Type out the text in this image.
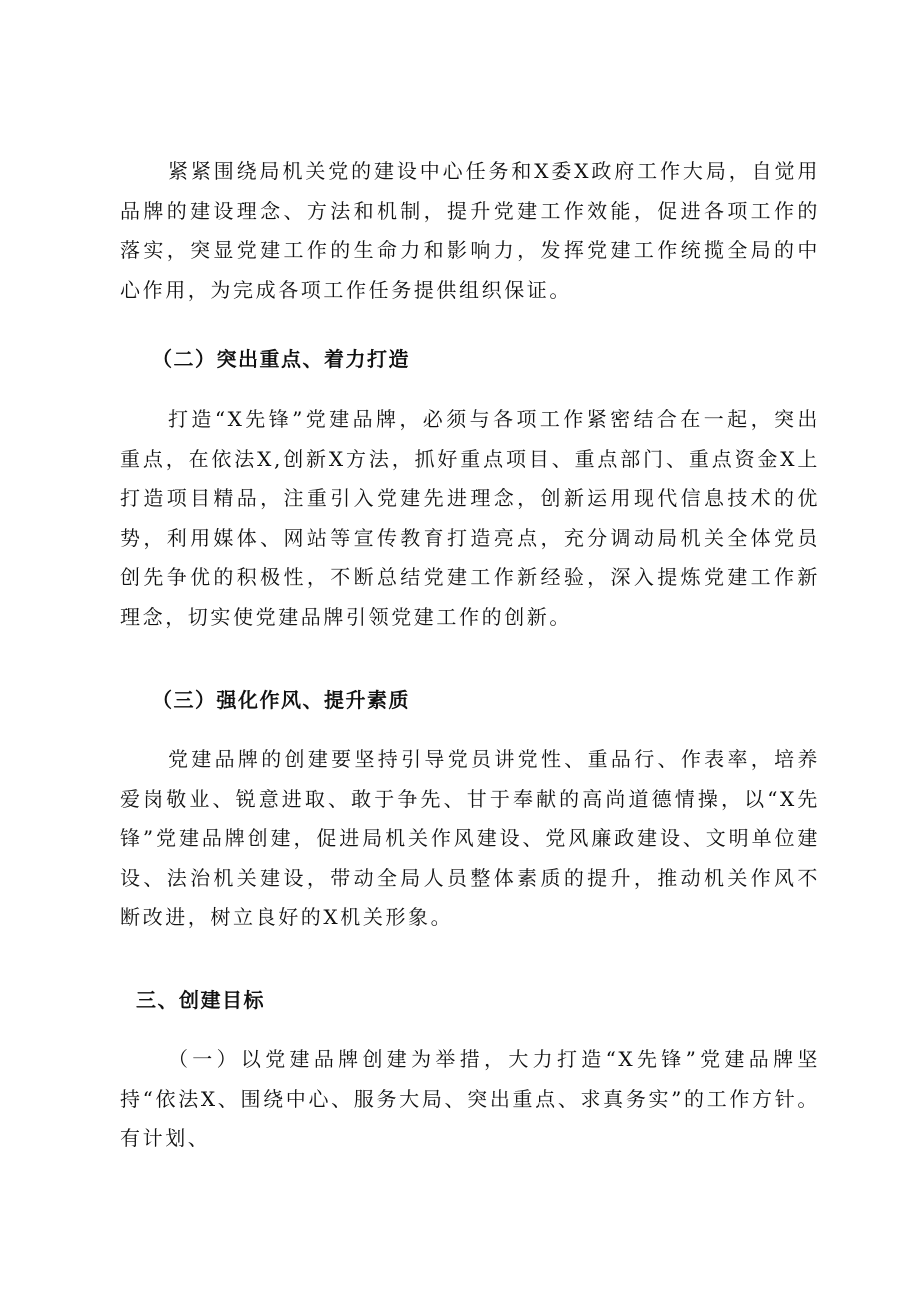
紧紧围绕局机关党的建设中心任务和X委X政府工作大局，自觉用品牌的建设理念、方法和机制，提升党建工作效能，促进各项工作的落实，突显党建工作的生命力和影响力，发挥党建工作统揽全局的中心作用，为完成各项工作任务提供组织保证。

（二）突出重点、着力打造

打造“X先锋”党建品牌，必须与各项工作紧密结合在一起，突出重点，在依法X,创新X方法，抓好重点项目、重点部门、重点资金X上打造项目精品，注重引入党建先进理念，创新运用现代信息技术的优势，利用媒体、网站等宣传教育打造亮点，充分调动局机关全体党员创先争优的积极性，不断总结党建工作新经验，深入提炼党建工作新理念，切实使党建品牌引领党建工作的创新。

（三）强化作风、提升素质

党建品牌的创建要坚持引导党员讲党性、重品行、作表率，培养爱岗敬业、锐意进取、敢于争先、甘于奉献的高尚道德情操，以“X先锋”党建品牌创建，促进局机关作风建设、党风廉政建设、文明单位建设、法治机关建设，带动全局人员整体素质的提升，推动机关作风不断改进，树立良好的X机关形象。

三、创建目标

（一）以党建品牌创建为举措，大力打造“X先锋”党建品牌坚持“依法X、围绕中心、服务大局、突出重点、求真务实”的工作方针。有计划、
